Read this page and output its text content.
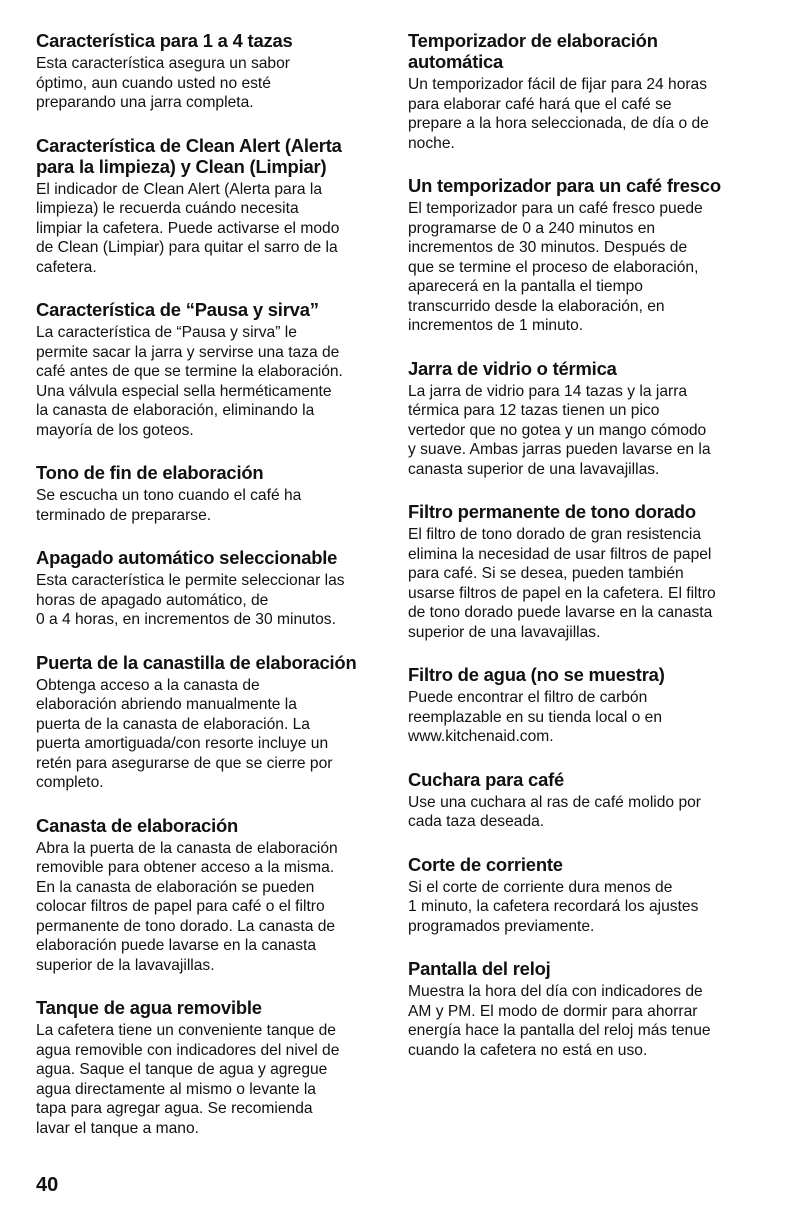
Característica para 1 a 4 tazas

Esta característica asegura un sabor
óptimo, aun cuando usted no esté
preparando una jarra completa.

Característica de Clean Alert (Alerta
para la limpieza) y Clean (Limpiar)

El indicador de Clean Alert (Alerta para la
limpieza) le recuerda cuándo necesita
limpiar la cafetera. Puede activarse el modo
de Clean (Limpiar) para quitar el sarro de la
cafetera.

Característica de “Pausa y sirva”

La característica de “Pausa y sirva” le
permite sacar la jarra y servirse una taza de
café antes de que se termine la elaboración.
Una válvula especial sella herméticamente
la canasta de elaboración, eliminando la
mayoría de los goteos.

Tono de fin de elaboración

Se escucha un tono cuando el café ha
terminado de prepararse.

Apagado automático seleccionable

Esta característica le permite seleccionar las
horas de apagado automático, de
0 a 4 horas, en incrementos de 30 minutos.

Puerta de la canastilla de elaboración

Obtenga acceso a la canasta de
elaboración abriendo manualmente la
puerta de la canasta de elaboración. La
puerta amortiguada/con resorte incluye un
retén para asegurarse de que se cierre por
completo.

Canasta de elaboración

Abra la puerta de la canasta de elaboración
removible para obtener acceso a la misma.
En la canasta de elaboración se pueden
colocar filtros de papel para café o el filtro
permanente de tono dorado. La canasta de
elaboración puede lavarse en la canasta
superior de la lavavajillas.

Tanque de agua removible

La cafetera tiene un conveniente tanque de
agua removible con indicadores del nivel de
agua. Saque el tanque de agua y agregue
agua directamente al mismo o levante la
tapa para agregar agua. Se recomienda
lavar el tanque a mano.

Temporizador de elaboración
automática

Un temporizador fácil de fijar para 24 horas
para elaborar café hará que el café se
prepare a la hora seleccionada, de día o de
noche.

Un temporizador para un café fresco

El temporizador para un café fresco puede
programarse de 0 a 240 minutos en
incrementos de 30 minutos. Después de
que se termine el proceso de elaboración,
aparecerá en la pantalla el tiempo
transcurrido desde la elaboración, en
incrementos de 1 minuto.

Jarra de vidrio o térmica

La jarra de vidrio para 14 tazas y la jarra
térmica para 12 tazas tienen un pico
vertedor que no gotea y un mango cómodo
y suave. Ambas jarras pueden lavarse en la
canasta superior de una lavavajillas.

Filtro permanente de tono dorado

El filtro de tono dorado de gran resistencia
elimina la necesidad de usar filtros de papel
para café. Si se desea, pueden también
usarse filtros de papel en la cafetera. El filtro
de tono dorado puede lavarse en la canasta
superior de una lavavajillas.

Filtro de agua (no se muestra)

Puede encontrar el filtro de carbón
reemplazable en su tienda local o en
www.kitchenaid.com.

Cuchara para café

Use una cuchara al ras de café molido por
cada taza deseada.

Corte de corriente

Si el corte de corriente dura menos de
1 minuto, la cafetera recordará los ajustes
programados previamente.

Pantalla del reloj

Muestra la hora del día con indicadores de
AM y PM. El modo de dormir para ahorrar
energía hace la pantalla del reloj más tenue
cuando la cafetera no está en uso.

40
